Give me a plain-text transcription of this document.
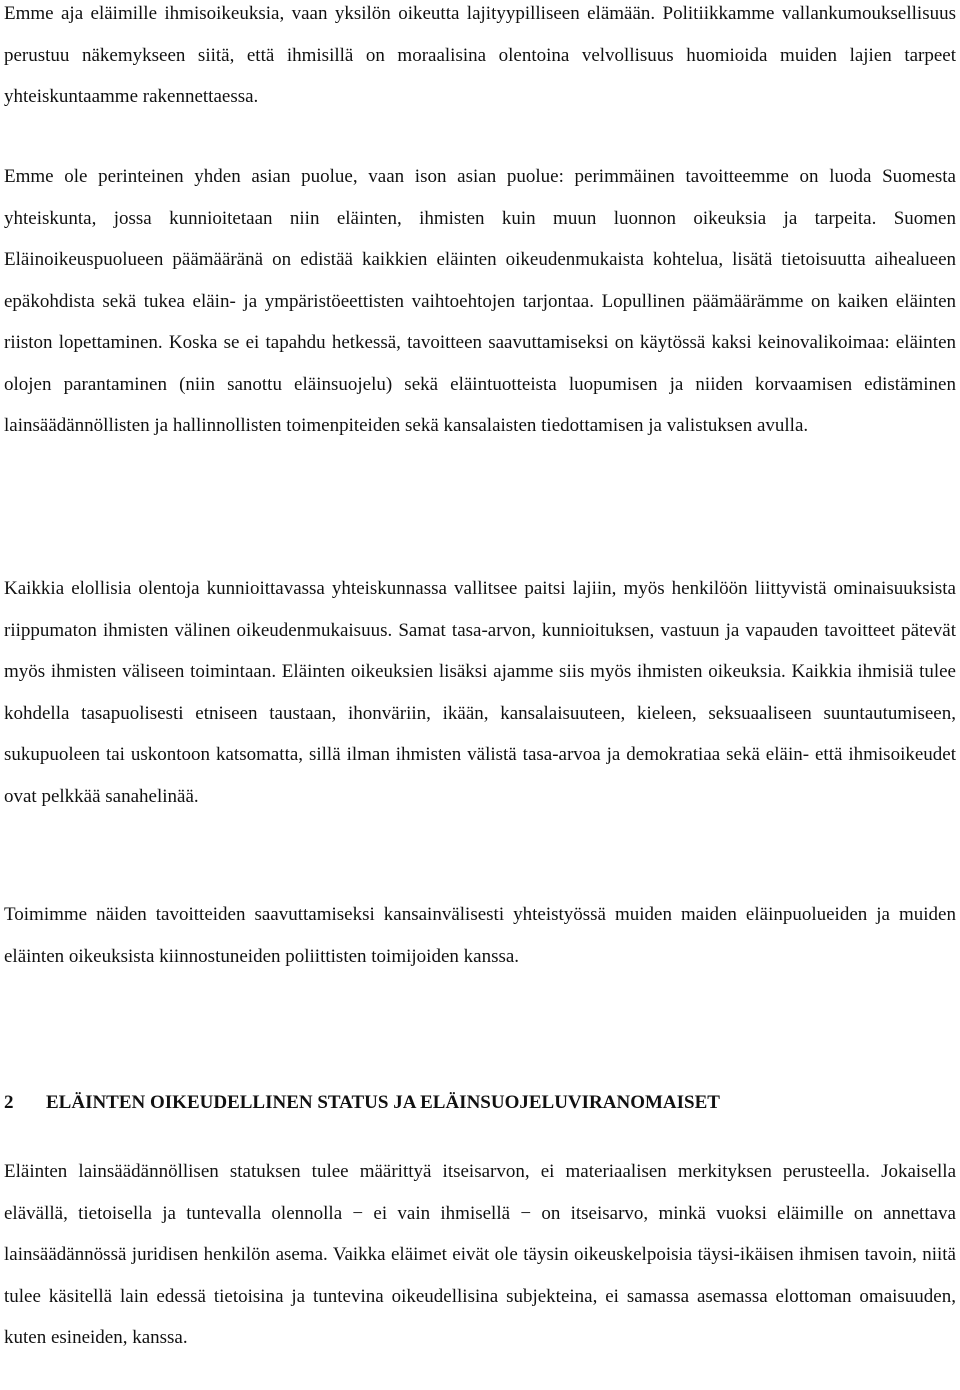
Emme aja eläimille ihmisoikeuksia, vaan yksilön oikeutta lajityypilliseen elämään. Politiikkamme vallankumouksellisuus perustuu näkemykseen siitä, että ihmisillä on moraalisina olentoina velvollisuus huomioida muiden lajien tarpeet yhteiskuntaamme rakennettaessa.

Emme ole perinteinen yhden asian puolue, vaan ison asian puolue: perimmäinen tavoitteemme on luoda Suomesta yhteiskunta, jossa kunnioitetaan niin eläinten, ihmisten kuin muun luonnon oikeuksia ja tarpeita. Suomen Eläinoikeuspuolueen päämääränä on edistää kaikkien eläinten oikeudenmukaista kohtelua, lisätä tietoisuutta aihealueen epäkohdista sekä tukea eläin- ja ympäristöeettisten vaihtoehtojen tarjontaa. Lopullinen päämäärämme on kaiken eläinten riiston lopettaminen. Koska se ei tapahdu hetkessä, tavoitteen saavuttamiseksi on käytössä kaksi keinovalikoimaa: eläinten olojen parantaminen (niin sanottu eläinsuojelu) sekä eläintuotteista luopumisen ja niiden korvaamisen edistäminen lainsäädännöllisten ja hallinnollisten toimenpiteiden sekä kansalaisten tiedottamisen ja valistuksen avulla.

Kaikkia elollisia olentoja kunnioittavassa yhteiskunnassa vallitsee paitsi lajiin, myös henkilöön liittyvistä ominaisuuksista riippumaton ihmisten välinen oikeudenmukaisuus. Samat tasa-arvon, kunnioituksen, vastuun ja vapauden tavoitteet pätevät myös ihmisten väliseen toimintaan. Eläinten oikeuksien lisäksi ajamme siis myös ihmisten oikeuksia. Kaikkia ihmisiä tulee kohdella tasapuolisesti etniseen taustaan, ihonväriin, ikään, kansalaisuuteen, kieleen, seksuaaliseen suuntautumiseen, sukupuoleen tai uskontoon katsomatta, sillä ilman ihmisten välistä tasa-arvoa ja demokratiaa sekä eläin- että ihmisoikeudet ovat pelkkää sanahelinää.

Toimimme näiden tavoitteiden saavuttamiseksi kansainvälisesti yhteistyössä muiden maiden eläinpuolueiden ja muiden eläinten oikeuksista kiinnostuneiden poliittisten toimijoiden kanssa.

2 ELÄINTEN OIKEUDELLINEN STATUS JA ELÄINSUOJELUVIRANOMAISET

Eläinten lainsäädännöllisen statuksen tulee määrittyä itseisarvon, ei materiaalisen merkityksen perusteella. Jokaisella elävällä, tietoisella ja tuntevalla olennolla − ei vain ihmisellä − on itseisarvo, minkä vuoksi eläimille on annettava lainsäädännössä juridisen henkilön asema. Vaikka eläimet eivät ole täysin oikeuskelpoisia täysi-ikäisen ihmisen tavoin, niitä tulee käsitellä lain edessä tietoisina ja tuntevina oikeudellisina subjekteina, ei samassa asemassa elottoman omaisuuden, kuten esineiden, kanssa.
